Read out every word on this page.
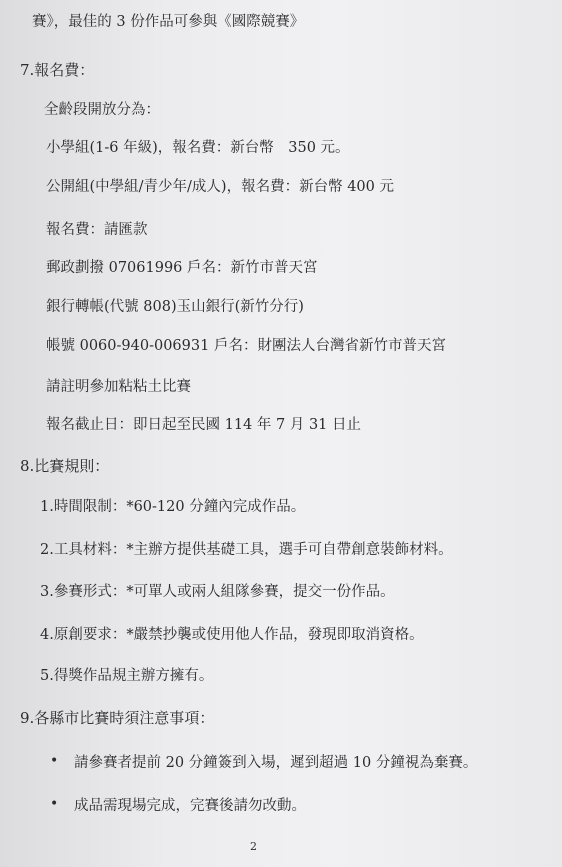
賽》，最佳的 3 份作品可參與《國際競賽》
7.報名費：
全齡段開放分為：
小學組(1-6 年級)，報名費：新台幣　350 元。
公開組(中學組/青少年/成人)，報名費：新台幣 400 元
報名費：請匯款
郵政劃撥 07061996 戶名：新竹市普天宮
銀行轉帳(代號 808)玉山銀行(新竹分行)
帳號 0060-940-006931 戶名：財團法人台灣省新竹市普天宮
請註明參加粘粘土比賽
報名截止日：即日起至民國 114 年 7 月 31 日止
8.比賽規則：
1.時間限制：*60-120 分鐘內完成作品。
2.工具材料：*主辦方提供基礎工具，選手可自帶創意裝飾材料。
3.參賽形式：*可單人或兩人組隊參賽，提交一份作品。
4.原創要求：*嚴禁抄襲或使用他人作品，發現即取消資格。
5.得獎作品規主辦方擁有。
9.各縣市比賽時須注意事項：
• 請參賽者提前 20 分鐘簽到入場，遲到超過 10 分鐘視為棄賽。
• 成品需現場完成，完賽後請勿改動。
2
